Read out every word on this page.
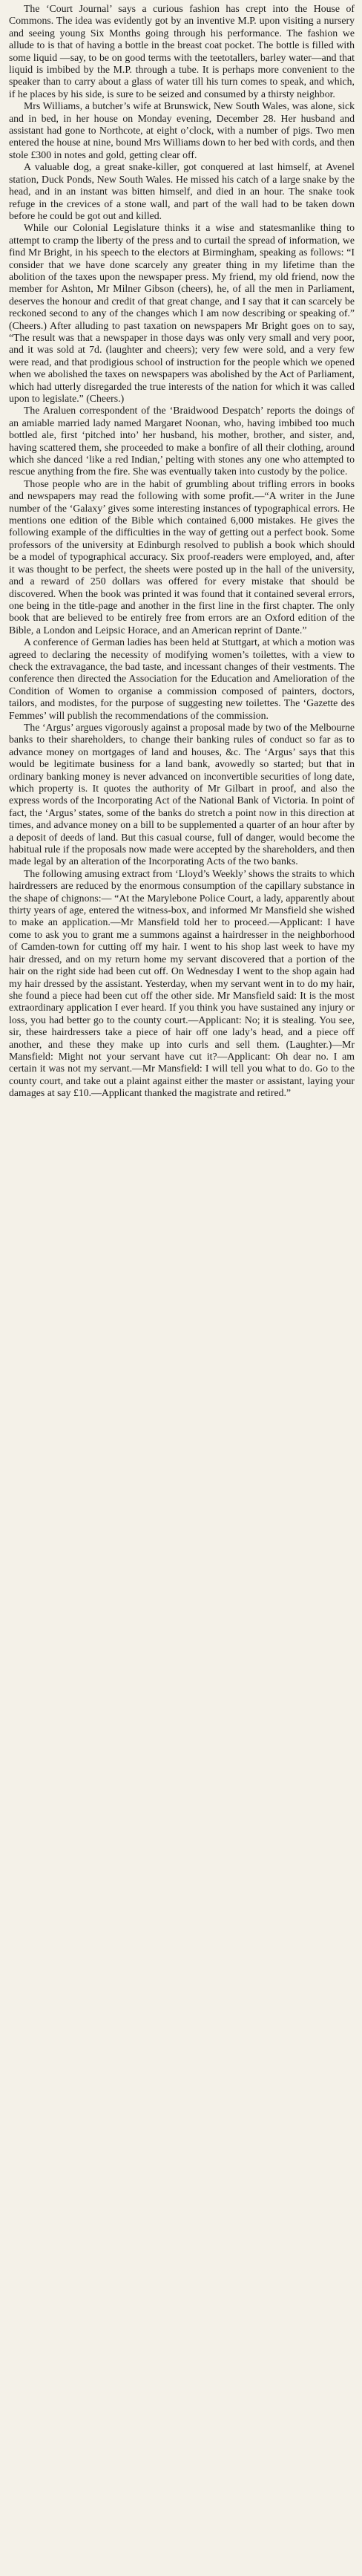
The ‘Court Journal’ says a curious fashion has crept into the House of Commons. The idea was evidently got by an inventive M.P. upon visiting a nursery and seeing young Six Months going through his performance. The fashion we allude to is that of having a bottle in the breast coat pocket. The bottle is filled with some liquid —say, to be on good terms with the teetotallers, barley water—and that liquid is imbibed by the M.P. through a tube. It is perhaps more convenient to the speaker than to carry about a glass of water till his turn comes to speak, and which, if he places by his side, is sure to be seized and consumed by a thirsty neighbor.

Mrs Williams, a butcher’s wife at Brunswick, New South Wales, was alone, sick and in bed, in her house on Monday evening, December 28. Her husband and assistant had gone to Northcote, at eight o’clock, with a number of pigs. Two men entered the house at nine, bound Mrs Williams down to her bed with cords, and then stole £300 in notes and gold, getting clear off.

A valuable dog, a great snake-killer, got conquered at last himself, at Avenel station, Duck Ponds, New South Wales. He missed his catch of a large snake by the head, and in an instant was bitten himself, and died in an hour. The snake took refuge in the crevices of a stone wall, and part of the wall had to be taken down before he could be got out and killed.

While our Colonial Legislature thinks it a wise and statesmanlike thing to attempt to cramp the liberty of the press and to curtail the spread of information, we find Mr Bright, in his speech to the electors at Birmingham, speaking as follows: “I consider that we have done scarcely any greater thing in my lifetime than the abolition of the taxes upon the newspaper press. My friend, my old friend, now the member for Ashton, Mr Milner Gibson (cheers), he, of all the men in Parliament, deserves the honour and credit of that great change, and I say that it can scarcely be reckoned second to any of the changes which I am now describing or speaking of.” (Cheers.) After alluding to past taxation on newspapers Mr Bright goes on to say, “The result was that a newspaper in those days was only very small and very poor, and it was sold at 7d. (laughter and cheers); very few were sold, and a very few were read, and that prodigious school of instruction for the people which we opened when we abolished the taxes on newspapers was abolished by the Act of Parliament, which had utterly disregarded the true interests of the nation for which it was called upon to legislate.” (Cheers.)

The Araluen correspondent of the ‘Braidwood Despatch’ reports the doings of an amiable married lady named Margaret Noonan, who, having imbibed too much bottled ale, first ‘pitched into’ her husband, his mother, brother, and sister, and, having scattered them, she proceeded to make a bonfire of all their clothing, around which she danced ‘like a red Indian,’ pelting with stones any one who attempted to rescue anything from the fire. She was eventually taken into custody by the police.

Those people who are in the habit of grumbling about trifling errors in books and newspapers may read the following with some profit.—“A writer in the June number of the ‘Galaxy’ gives some interesting instances of typographical errors. He mentions one edition of the Bible which contained 6,000 mistakes. He gives the following example of the difficulties in the way of getting out a perfect book. Some professors of the university at Edinburgh resolved to publish a book which should be a model of typographical accuracy. Six proof-readers were employed, and, after it was thought to be perfect, the sheets were posted up in the hall of the university, and a reward of 250 dollars was offered for every mistake that should be discovered. When the book was printed it was found that it contained several errors, one being in the title-page and another in the first line in the first chapter. The only book that are believed to be entirely free from errors are an Oxford edition of the Bible, a London and Leipsic Horace, and an American reprint of Dante.”

A conference of German ladies has been held at Stuttgart, at which a motion was agreed to declaring the necessity of modifying women’s toilettes, with a view to check the extravagance, the bad taste, and incessant changes of their vestments. The conference then directed the Association for the Education and Amelioration of the Condition of Women to organise a commission composed of painters, doctors, tailors, and modistes, for the purpose of suggesting new toilettes. The ‘Gazette des Femmes’ will publish the recommendations of the commission.

The ‘Argus’ argues vigorously against a proposal made by two of the Melbourne banks to their shareholders, to change their banking rules of conduct so far as to advance money on mortgages of land and houses, &c. The ‘Argus’ says that this would be legitimate business for a land bank, avowedly so started; but that in ordinary banking money is never advanced on inconvertible securities of long date, which property is. It quotes the authority of Mr Gilbart in proof, and also the express words of the Incorporating Act of the National Bank of Victoria. In point of fact, the ‘Argus’ states, some of the banks do stretch a point now in this direction at times, and advance money on a bill to be supplemented a quarter of an hour after by a deposit of deeds of land. But this casual course, full of danger, would become the habitual rule if the proposals now made were accepted by the shareholders, and then made legal by an alteration of the Incorporating Acts of the two banks.

The following amusing extract from ‘Lloyd’s Weekly’ shows the straits to which hairdressers are reduced by the enormous consumption of the capillary substance in the shape of chignons:— “At the Marylebone Police Court, a lady, apparently about thirty years of age, entered the witness-box, and informed Mr Mansfield she wished to make an application.—Mr Mansfield told her to proceed.—Applicant: I have come to ask you to grant me a summons against a hairdresser in the neighborhood of Camden-town for cutting off my hair. I went to his shop last week to have my hair dressed, and on my return home my servant discovered that a portion of the hair on the right side had been cut off. On Wednesday I went to the shop again had my hair dressed by the assistant. Yesterday, when my servant went in to do my hair, she found a piece had been cut off the other side. Mr Mansfield said: It is the most extraordinary application I ever heard. If you think you have sustained any injury or loss, you had better go to the county court.—Applicant: No; it is stealing. You see, sir, these hairdressers take a piece of hair off one lady’s head, and a piece off another, and these they make up into curls and sell them. (Laughter.)—Mr Mansfield: Might not your servant have cut it?—Applicant: Oh dear no. I am certain it was not my servant.—Mr Mansfield: I will tell you what to do. Go to the county court, and take out a plaint against either the master or assistant, laying your damages at say £10.—Applicant thanked the magistrate and retired.”
